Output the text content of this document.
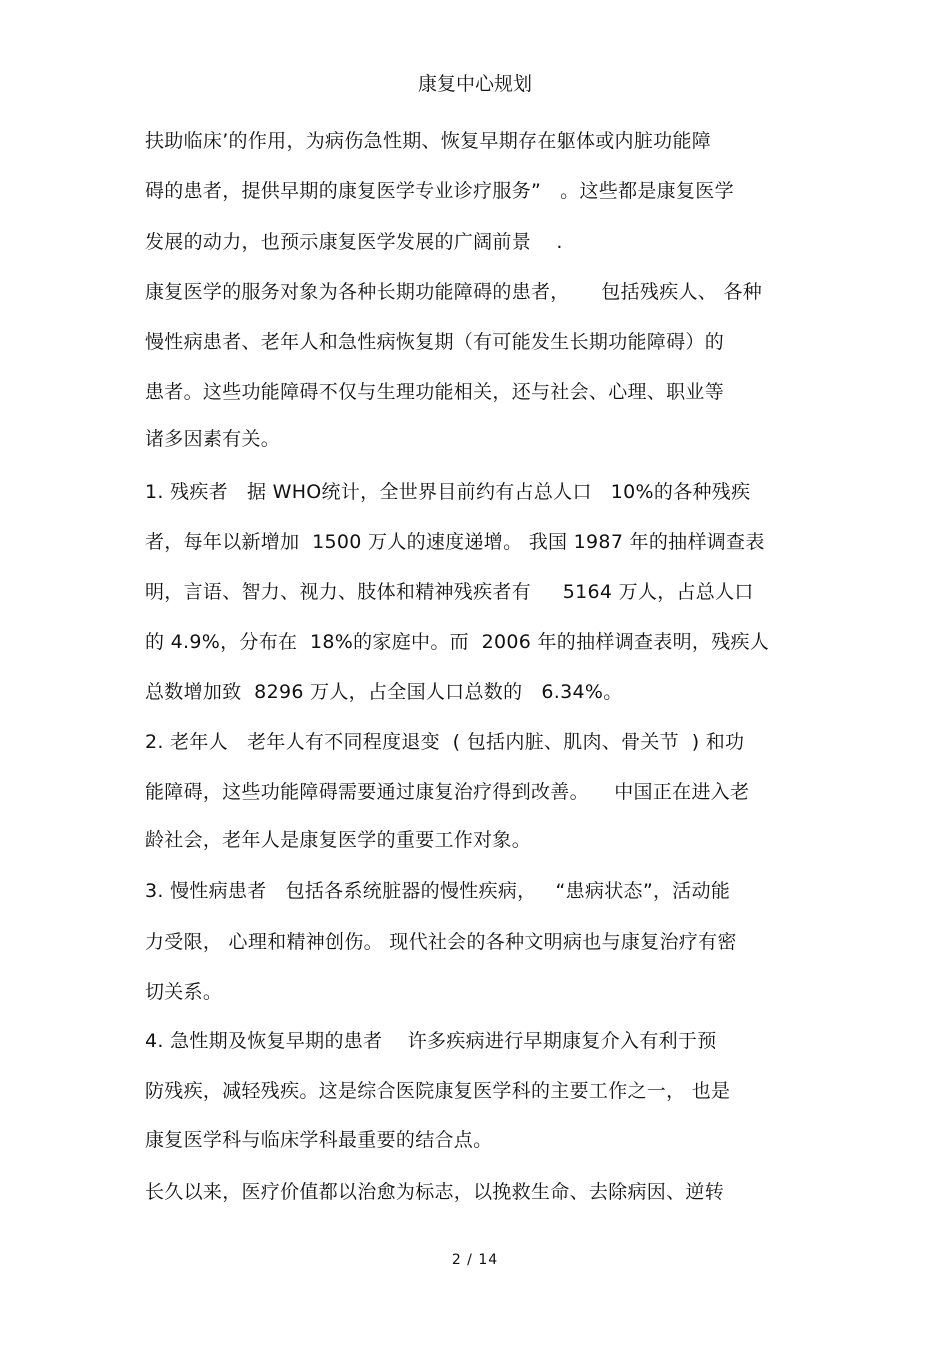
康复中心规划
扶助临床’的作用，为病伤急性期、恢复早期存在躯体或内脏功能障
碍的患者，提供早期的康复医学专业诊疗服务”   。这些都是康复医学
发展的动力，也预示康复医学发展的广阔前景    .
康复医学的服务对象为各种长期功能障碍的患者，     包括残疾人、 各种
慢性病患者、老年人和急性病恢复期（有可能发生长期功能障碍）的
患者。这些功能障碍不仅与生理功能相关，还与社会、心理、职业等
诸多因素有关。
1. 残疾者   据 WHO统计，全世界目前约有占总人口   10%的各种残疾
者，每年以新增加  1500 万人的速度递增。 我国 1987 年的抽样调查表
明，言语、智力、视力、肢体和精神残疾者有     5164 万人，占总人口
的 4.9%，分布在  18%的家庭中。而  2006 年的抽样调查表明，残疾人
总数增加致  8296 万人，占全国人口总数的   6.34%。
2. 老年人   老年人有不同程度退变  ( 包括内脏、肌肉、骨关节  ) 和功
能障碍，这些功能障碍需要通过康复治疗得到改善。    中国正在进入老
龄社会，老年人是康复医学的重要工作对象。
3. 慢性病患者   包括各系统脏器的慢性疾病，   “患病状态”，活动能
力受限， 心理和精神创伤。 现代社会的各种文明病也与康复治疗有密
切关系。
4. 急性期及恢复早期的患者    许多疾病进行早期康复介入有利于预
防残疾，减轻残疾。这是综合医院康复医学科的主要工作之一， 也是
康复医学科与临床学科最重要的结合点。
长久以来，医疗价值都以治愈为标志，以挽救生命、去除病因、逆转
2 / 14
